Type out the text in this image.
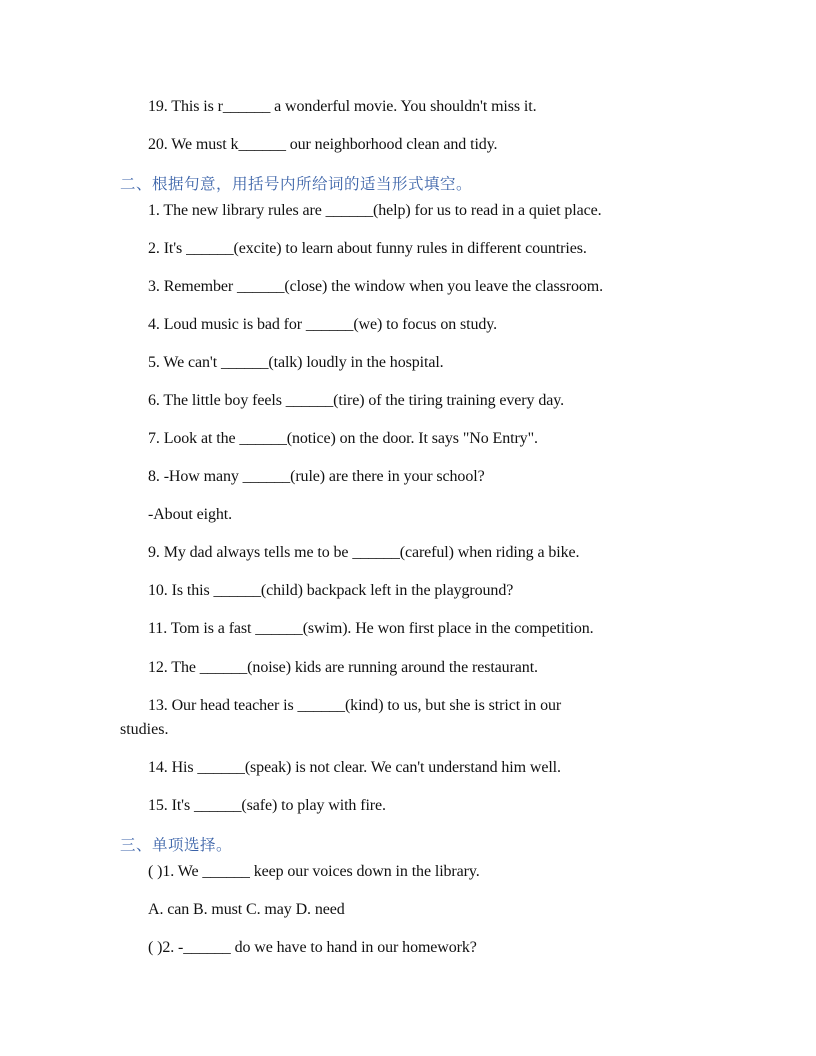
19. This is r______ a wonderful movie. You shouldn't miss it.
20. We must k______ our neighborhood clean and tidy.
二、根据句意，用括号内所给词的适当形式填空。
1. The new library rules are ______(help) for us to read in a quiet place.
2. It's ______(excite) to learn about funny rules in different countries.
3. Remember ______(close) the window when you leave the classroom.
4. Loud music is bad for ______(we) to focus on study.
5. We can't ______(talk) loudly in the hospital.
6. The little boy feels ______(tire) of the tiring training every day.
7. Look at the ______(notice) on the door. It says "No Entry".
8. -How many ______(rule) are there in your school?
-About eight.
9. My dad always tells me to be ______(careful) when riding a bike.
10. Is this ______(child) backpack left in the playground?
11. Tom is a fast ______(swim). He won first place in the competition.
12. The ______(noise) kids are running around the restaurant.
13. Our head teacher is ______(kind) to us, but she is strict in our
studies.
14. His ______(speak) is not clear. We can't understand him well.
15. It's ______(safe) to play with fire.
三、单项选择。
( )1. We ______ keep our voices down in the library.
A. can B. must C. may D. need
( )2. -______ do we have to hand in our homework?
